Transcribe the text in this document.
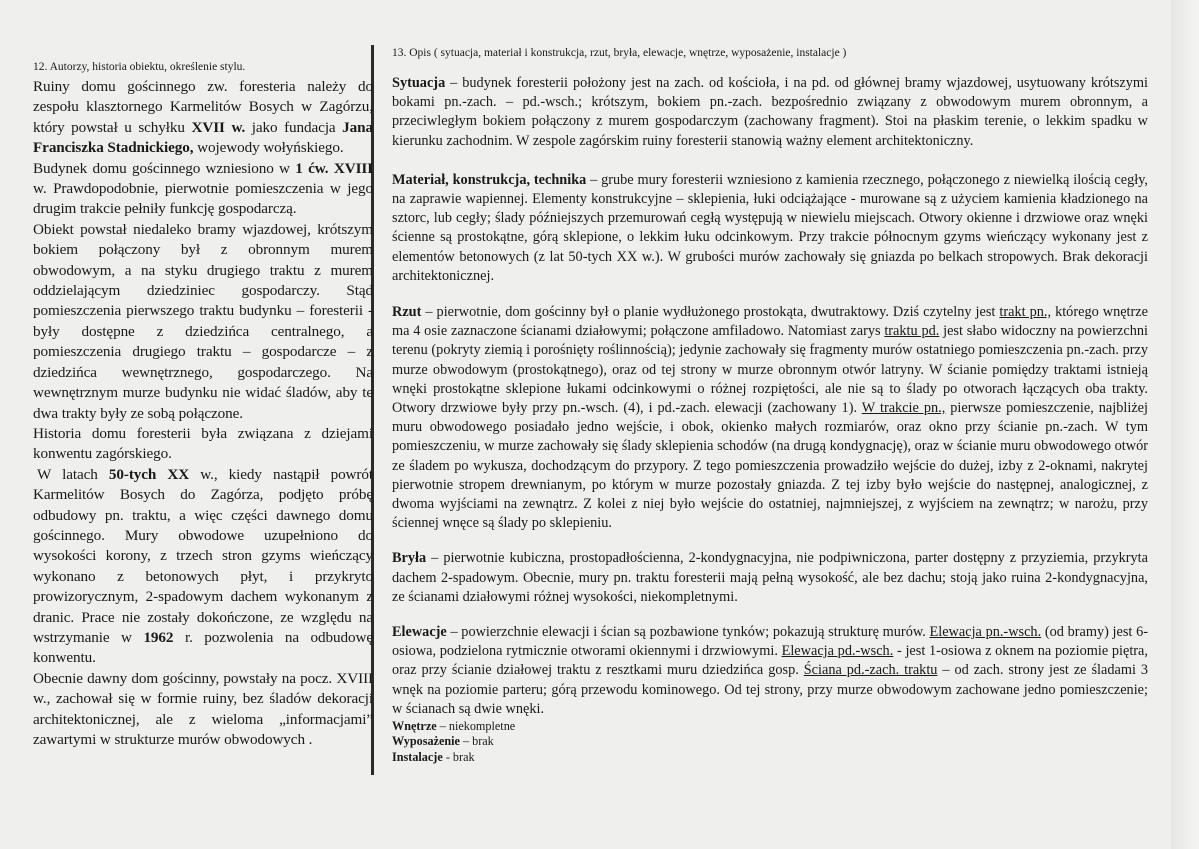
12. Autorzy, historia obiektu, określenie stylu.

Ruiny domu gościnnego zw. foresteria należy do zespołu klasztornego Karmelitów Bosych w Zagórzu, który powstał u schyłku XVII w. jako fundacja Jana Franciszka Stadnickiego, wojewody wołyńskiego.

Budynek domu gościnnego wzniesiono w 1 ćw. XVIII w. Prawdopodobnie, pierwotnie pomieszczenia w jego drugim trakcie pełniły funkcję gospodarczą.

Obiekt powstał niedaleko bramy wjazdowej, krótszym bokiem połączony był z obronnym murem obwodowym, a na styku drugiego traktu z murem oddzielającym dziedziniec gospodarczy. Stąd pomieszczenia pierwszego traktu budynku – foresterii - były dostępne z dziedzińca centralnego, a pomieszczenia drugiego traktu – gospodarcze – z dziedzińca wewnętrznego, gospodarczego. Na wewnętrznym murze budynku nie widać śladów, aby te dwa trakty były ze sobą połączone.

Historia domu foresterii była związana z dziejami konwentu zagórskiego.

W latach 50-tych XX w., kiedy nastąpił powrót Karmelitów Bosych do Zagórza, podjęto próbę odbudowy pn. traktu, a więc części dawnego domu gościnnego. Mury obwodowe uzupełniono do wysokości korony, z trzech stron gzyms wieńczący wykonano z betonowych płyt, i przykryto prowizorycznym, 2-spadowym dachem wykonanym z dranic. Prace nie zostały dokończone, ze względu na wstrzymanie w 1962 r. pozwolenia na odbudowę konwentu.

Obecnie dawny dom gościnny, powstały na pocz. XVIII w., zachował się w formie ruiny, bez śladów dekoracji architektonicznej, ale z wieloma „informacjami” zawartymi w strukturze murów obwodowych .

13. Opis ( sytuacja, materiał i konstrukcja, rzut, bryła, elewacje, wnętrze, wyposażenie, instalacje )

Sytuacja – budynek foresterii położony jest na zach. od kościoła, i na pd. od głównej bramy wjazdowej, usytuowany krótszymi bokami pn.-zach. – pd.-wsch.; krótszym, bokiem pn.-zach. bezpośrednio związany z obwodowym murem obronnym, a przeciwległym bokiem połączony z murem gospodarczym (zachowany fragment). Stoi na płaskim terenie, o lekkim spadku w kierunku zachodnim. W zespole zagórskim ruiny foresterii stanowią ważny element architektoniczny.

Materiał, konstrukcja, technika – grube mury foresterii wzniesiono z kamienia rzecznego, połączonego z niewielką ilością cegły, na zaprawie wapiennej. Elementy konstrukcyjne – sklepienia, łuki odciążające - murowane są z użyciem kamienia kładzionego na sztorc, lub cegły; ślady późniejszych przemurowań cegłą występują w niewielu miejscach. Otwory okienne i drzwiowe oraz wnęki ścienne są prostokątne, górą sklepione, o lekkim łuku odcinkowym. Przy trakcie północnym gzyms wieńczący wykonany jest z elementów betonowych (z lat 50-tych XX w.). W grubości murów zachowały się gniazda po belkach stropowych. Brak dekoracji architektonicznej.

Rzut – pierwotnie, dom gościnny był o planie wydłużonego prostokąta, dwutraktowy. Dziś czytelny jest trakt pn., którego wnętrze ma 4 osie zaznaczone ścianami działowymi; połączone amfiladowo. Natomiast zarys traktu pd. jest słabo widoczny na powierzchni terenu (pokryty ziemią i porośnięty roślinnością); jedynie zachowały się fragmenty murów ostatniego pomieszczenia pn.-zach. przy murze obwodowym (prostokątnego), oraz od tej strony w murze obronnym otwór latryny. W ścianie pomiędzy traktami istnieją wnęki prostokątne sklepione łukami odcinkowymi o różnej rozpiętości, ale nie są to ślady po otworach łączących oba trakty. Otwory drzwiowe były przy pn.-wsch. (4), i pd.-zach. elewacji (zachowany 1). W trakcie pn., pierwsze pomieszczenie, najbliżej muru obwodowego posiadało jedno wejście, i obok, okienko małych rozmiarów, oraz okno przy ścianie pn.-zach. W tym pomieszczeniu, w murze zachowały się ślady sklepienia schodów (na drugą kondygnację), oraz w ścianie muru obwodowego otwór ze śladem po wykusza, dochodzącym do przypory. Z tego pomieszczenia prowadziło wejście do dużej, izby z 2-oknami, nakrytej pierwotnie stropem drewnianym, po którym w murze pozostały gniazda. Z tej izby było wejście do następnej, analogicznej, z dwoma wyjściami na zewnątrz. Z kolei z niej było wejście do ostatniej, najmniejszej, z wyjściem na zewnątrz; w narożu, przy ściennej wnęce są ślady po sklepieniu.

Bryła – pierwotnie kubiczna, prostopadłościenna, 2-kondygnacyjna, nie podpiwniczona, parter dostępny z przyziemia, przykryta dachem 2-spadowym. Obecnie, mury pn. traktu foresterii mają pełną wysokość, ale bez dachu; stoją jako ruina 2-kondygnacyjna, ze ścianami działowymi różnej wysokości, niekompletnymi.

Elewacje – powierzchnie elewacji i ścian są pozbawione tynków; pokazują strukturę murów. Elewacja pn.-wsch. (od bramy) jest 6-osiowa, podzielona rytmicznie otworami okiennymi i drzwiowymi. Elewacja pd.-wsch. - jest 1-osiowa z oknem na poziomie piętra, oraz przy ścianie działowej traktu z resztkami muru dziedzińca gosp. Ściana pd.-zach. traktu – od zach. strony jest ze śladami 3 wnęk na poziomie parteru; górą przewodu kominowego. Od tej strony, przy murze obwodowym zachowane jedno pomieszczenie; w ścianach są dwie wnęki.

Wnętrze – niekompletne

Wyposażenie – brak

Instalacje - brak
